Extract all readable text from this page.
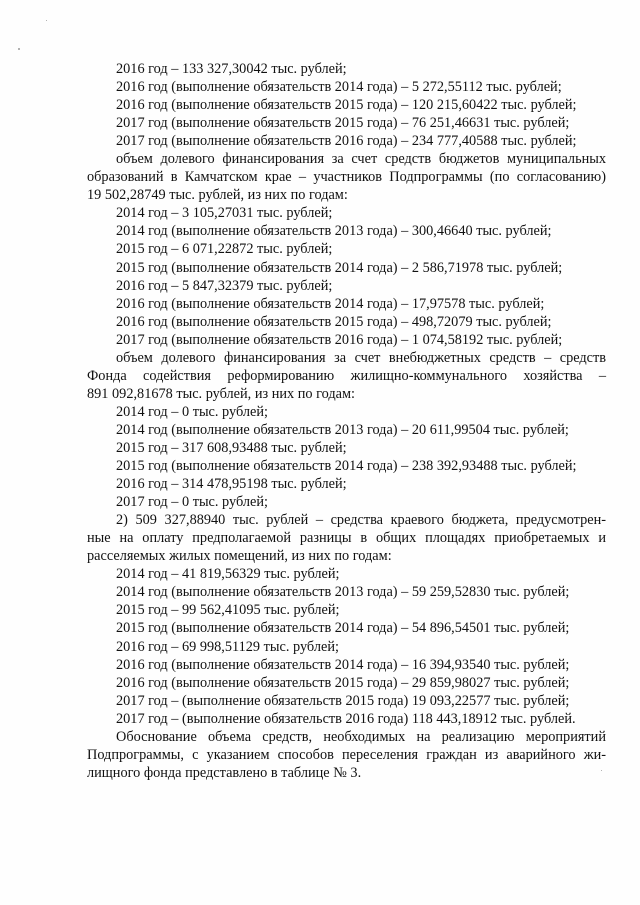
2016 год – 133 327,30042 тыс. рублей;
2016 год (выполнение обязательств 2014 года) – 5 272,55112 тыс. рублей;
2016 год (выполнение обязательств 2015 года) – 120 215,60422 тыс. рублей;
2017 год (выполнение обязательств 2015 года) – 76 251,46631 тыс. рублей;
2017 год (выполнение обязательств 2016 года) – 234 777,40588 тыс. рублей;
объем долевого финансирования за счет средств бюджетов муниципальных
образований в Камчатском крае – участников Подпрограммы (по согласованию)
19 502,28749 тыс. рублей, из них по годам:
2014 год – 3 105,27031 тыс. рублей;
2014 год (выполнение обязательств 2013 года) – 300,46640 тыс. рублей;
2015 год – 6 071,22872 тыс. рублей;
2015 год (выполнение обязательств 2014 года) – 2 586,71978 тыс. рублей;
2016 год – 5 847,32379 тыс. рублей;
2016 год (выполнение обязательств 2014 года) – 17,97578 тыс. рублей;
2016 год (выполнение обязательств 2015 года) – 498,72079 тыс. рублей;
2017 год (выполнение обязательств 2016 года) – 1 074,58192 тыс. рублей;
объем долевого финансирования за счет внебюджетных средств – средств
Фонда содействия реформированию жилищно-коммунального хозяйства –
891 092,81678 тыс. рублей, из них по годам:
2014 год – 0 тыс. рублей;
2014 год (выполнение обязательств 2013 года) – 20 611,99504 тыс. рублей;
2015 год – 317 608,93488 тыс. рублей;
2015 год (выполнение обязательств 2014 года) – 238 392,93488 тыс. рублей;
2016 год – 314 478,95198 тыс. рублей;
2017 год – 0 тыс. рублей;
2) 509 327,88940 тыс. рублей – средства краевого бюджета, предусмотрен-
ные на оплату предполагаемой разницы в общих площадях приобретаемых и
расселяемых жилых помещений, из них по годам:
2014 год – 41 819,56329 тыс. рублей;
2014 год (выполнение обязательств 2013 года) – 59 259,52830 тыс. рублей;
2015 год – 99 562,41095 тыс. рублей;
2015 год (выполнение обязательств 2014 года) – 54 896,54501 тыс. рублей;
2016 год – 69 998,51129 тыс. рублей;
2016 год (выполнение обязательств 2014 года) – 16 394,93540 тыс. рублей;
2016 год (выполнение обязательств 2015 года) – 29 859,98027 тыс. рублей;
2017 год – (выполнение обязательств 2015 года) 19 093,22577 тыс. рублей;
2017 год – (выполнение обязательств 2016 года) 118 443,18912 тыс. рублей.
Обоснование объема средств, необходимых на реализацию мероприятий
Подпрограммы, с указанием способов переселения граждан из аварийного жи-
лищного фонда представлено в таблице № 3.
